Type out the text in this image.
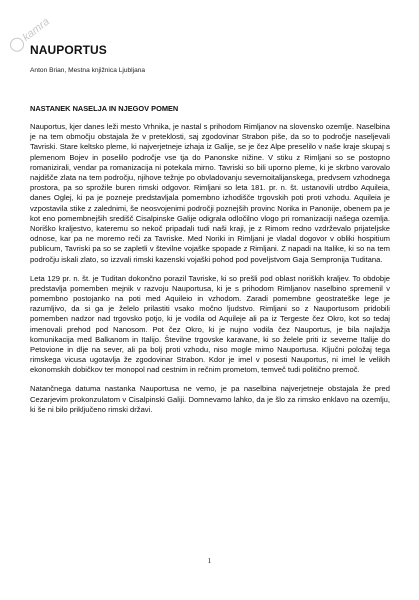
kamra
NAUPORTUS
Anton Brian, Mestna knjižnica Ljubljana
NASTANEK NASELJA IN NJEGOV POMEN

Nauportus, kjer danes leži mesto Vrhnika, je nastal s prihodom Rimljanov na slovensko ozemlje. Naselbina je na tem območju obstajala že v preteklosti, saj zgodovinar Strabon piše, da so to področje naseljevali Tavriski. Stare keltsko pleme, ki najverjetneje izhaja iz Galije, se je čez Alpe preselilo v naše kraje skupaj s plemenom Bojev in poselilo področje vse tja do Panonske nižine. V stiku z Rimljani so se postopno romanizirali, vendar pa romanizacija ni potekala mirno. Tavriski so bili uporno pleme, ki je skrbno varovalo najdišče zlata na tem področju, njihove težnje po obvladovanju severnoitalijanskega, predvsem vzhodnega prostora, pa so sprožile buren rimski odgovor. Rimljani so leta 181. pr. n. št. ustanovili utrdbo Aquileia, danes Oglej, ki pa je pozneje predstavljala pomembno izhodišče trgovskih poti proti vzhodu. Aquileia je vzpostavila stike z zalednimi, še neosvojenimi področji poznejših provinc Norika in Panonije, obenem pa je kot eno pomembnejših središč Cisalpinske Galije odigrala odločilno vlogo pri romanizaciji našega ozemlja. Noriško kraljestvo, kateremu so nekoč pripadali tudi naši kraji, je z Rimom redno vzdrževalo prijateljske odnose, kar pa ne moremo reči za Tavriske. Med Noriki in Rimljani je vladal dogovor v obliki hospitium publicum, Tavriski pa so se zapletli v številne vojaške spopade z Rimljani. Z napadi na Italike, ki so na tem področju iskali zlato, so izzvali rimski kazenski vojaški pohod pod poveljstvom Gaja Sempronija Tuditana.

Leta 129 pr. n. št. je Tuditan dokončno porazil Tavriske, ki so prešli pod oblast noriških kraljev. To obdobje predstavlja pomemben mejnik v razvoju Nauportusa, ki je s prihodom Rimljanov naselbino spremenil v pomembno postojanko na poti med Aquileio in vzhodom. Zaradi pomembne geostrateške lege je razumljivo, da si ga je želelo prilastiti vsako močno ljudstvo. Rimljani so z Nauportusom pridobili pomemben nadzor nad trgovsko potjo, ki je vodila od Aquileje ali pa iz Tergeste čez Okro, kot so tedaj imenovali prehod pod Nanosom. Pot čez Okro, ki je nujno vodila čez Nauportus, je bila najlažja komunikacija med Balkanom in Italijo. Številne trgovske karavane, ki so želele priti iz severne Italije do Petovione in dlje na sever, ali pa bolj proti vzhodu, niso mogle mimo Nauportusa. Ključni položaj tega rimskega vicusa ugotavlja že zgodovinar Strabon. Kdor je imel v posesti Nauportus, ni imel le velikih ekonomskih dobičkov ter monopol nad cestnim in rečnim prometom, temveč tudi politično premoč.

Natančnega datuma nastanka Nauportusa ne vemo, je pa naselbina najverjetneje obstajala že pred Cezarjevim prokonzulatom v Cisalpinski Galiji. Domnevamo lahko, da je šlo za rimsko enklavo na ozemlju, ki še ni bilo priključeno rimski državi.

1
